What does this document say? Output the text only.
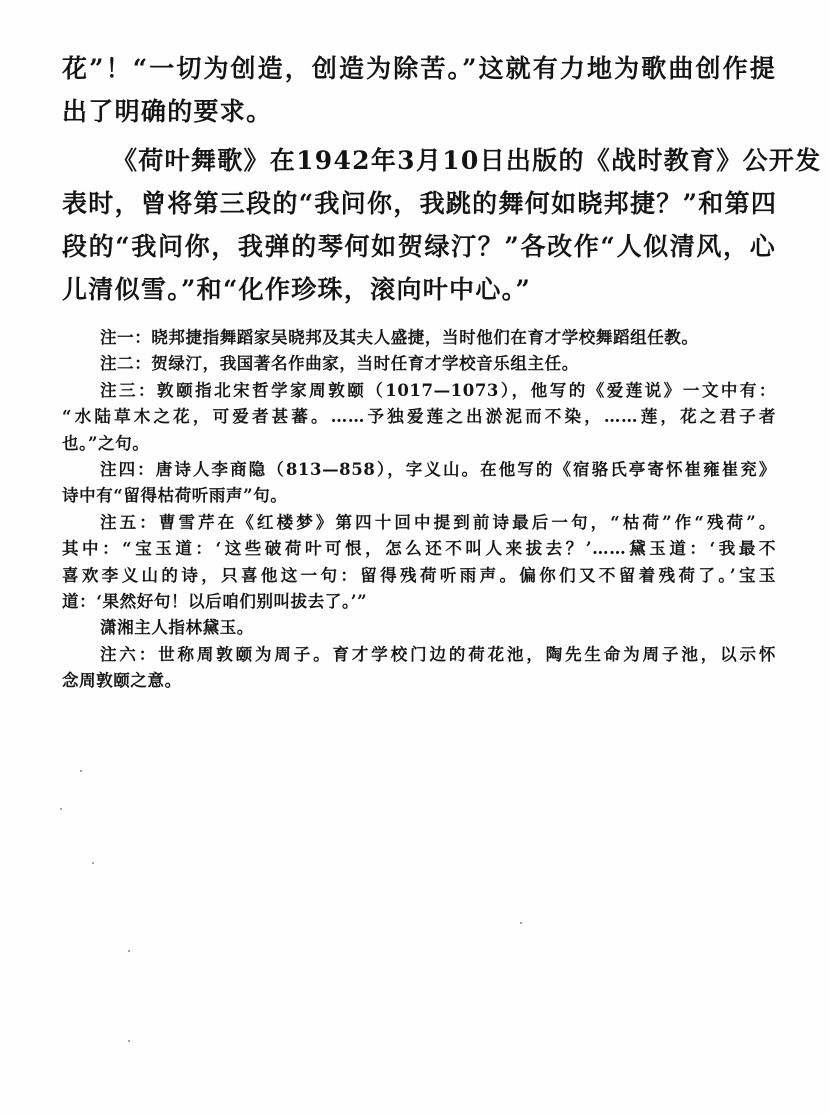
花”！“一切为创造，创造为除苦。”这就有力地为歌曲创作提
出了明确的要求。
《荷叶舞歌》在1942年3月10日出版的《战时教育》公开发
表时，曾将第三段的“我问你，我跳的舞何如晓邦捷？”和第四
段的“我问你，我弹的琴何如贺绿汀？”各改作“人似清风，心
儿清似雪。”和“化作珍珠，滚向叶中心。”
注一：晓邦捷指舞蹈家吴晓邦及其夫人盛捷，当时他们在育才学校舞蹈组任教。
注二：贺绿汀，我国著名作曲家，当时任育才学校音乐组主任。
注三：敦颐指北宋哲学家周敦颐（1017—1073），他写的《爱莲说》一文中有：
“水陆草木之花，可爱者甚蕃。……予独爱莲之出淤泥而不染，……莲，花之君子者
也。”之句。
注四：唐诗人李商隐（813—858），字义山。在他写的《宿骆氏亭寄怀崔雍崔兖》
诗中有“留得枯荷听雨声”句。
注五：曹雪芹在《红楼梦》第四十回中提到前诗最后一句，“枯荷”作“残荷”。
其中：“宝玉道：‘这些破荷叶可恨，怎么还不叫人来拔去？’……黛玉道：‘我最不
喜欢李义山的诗，只喜他这一句：留得残荷听雨声。偏你们又不留着残荷了。’宝玉
道：‘果然好句！以后咱们别叫拔去了。’”
潇湘主人指林黛玉。
注六：世称周敦颐为周子。育才学校门边的荷花池，陶先生命为周子池，以示怀
念周敦颐之意。
